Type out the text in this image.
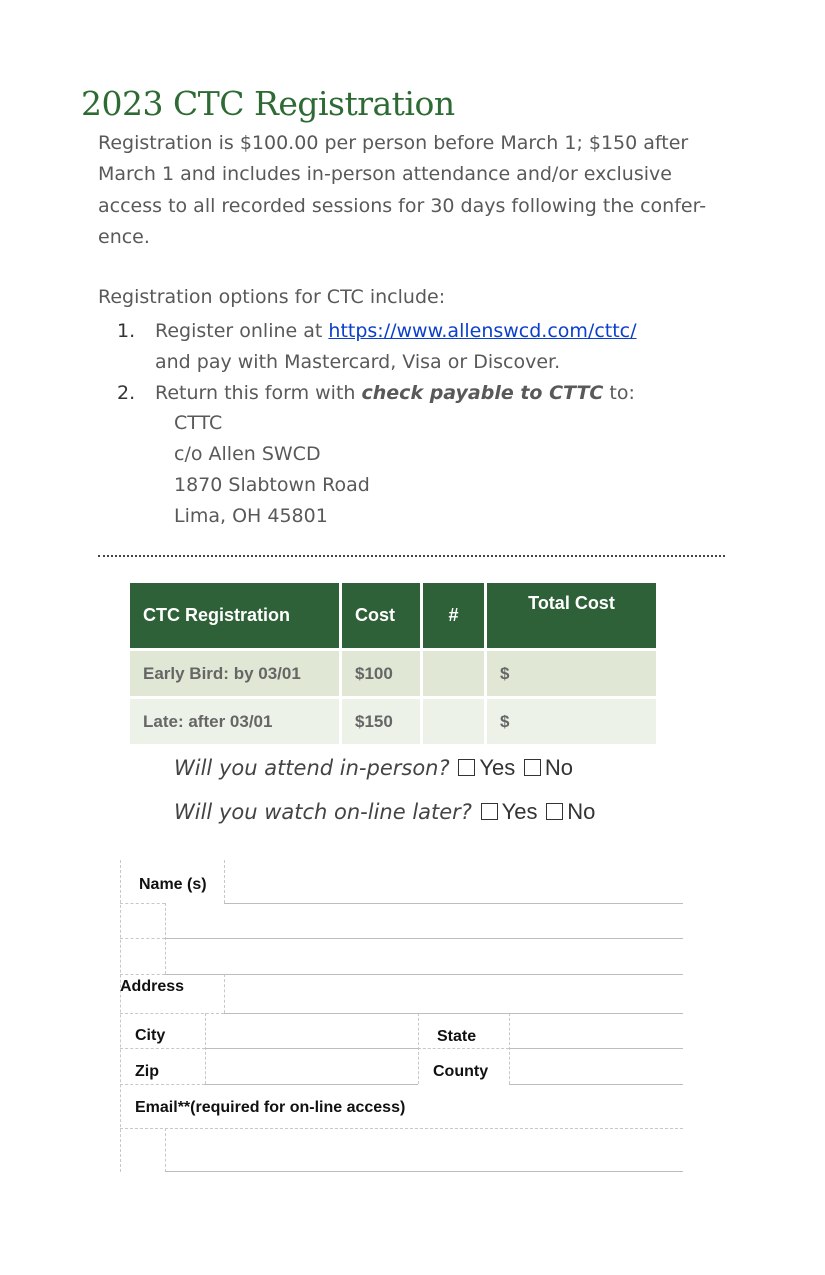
2023 CTC Registration
Registration is $100.00 per person before March 1; $150 after
March 1 and includes in-person attendance and/or exclusive
access to all recorded sessions for 30 days following the confer-
ence.
Registration options for CTC include:
1.	Register online at https://www.allenswcd.com/cttc/
and pay with Mastercard, Visa or Discover.
2.	Return this form with check payable to CTTC to:
CTTC
c/o Allen SWCD
1870 Slabtown Road
Lima, OH 45801
CTC Registration	Cost	#	Total Cost
Early Bird: by 03/01	$100		$
Late: after 03/01	$150		$
Will you attend in-person? Yes No
Will you watch on-line later? Yes No
Name (s)
Address
City	State
Zip	County
Email**(required for on-line access)
